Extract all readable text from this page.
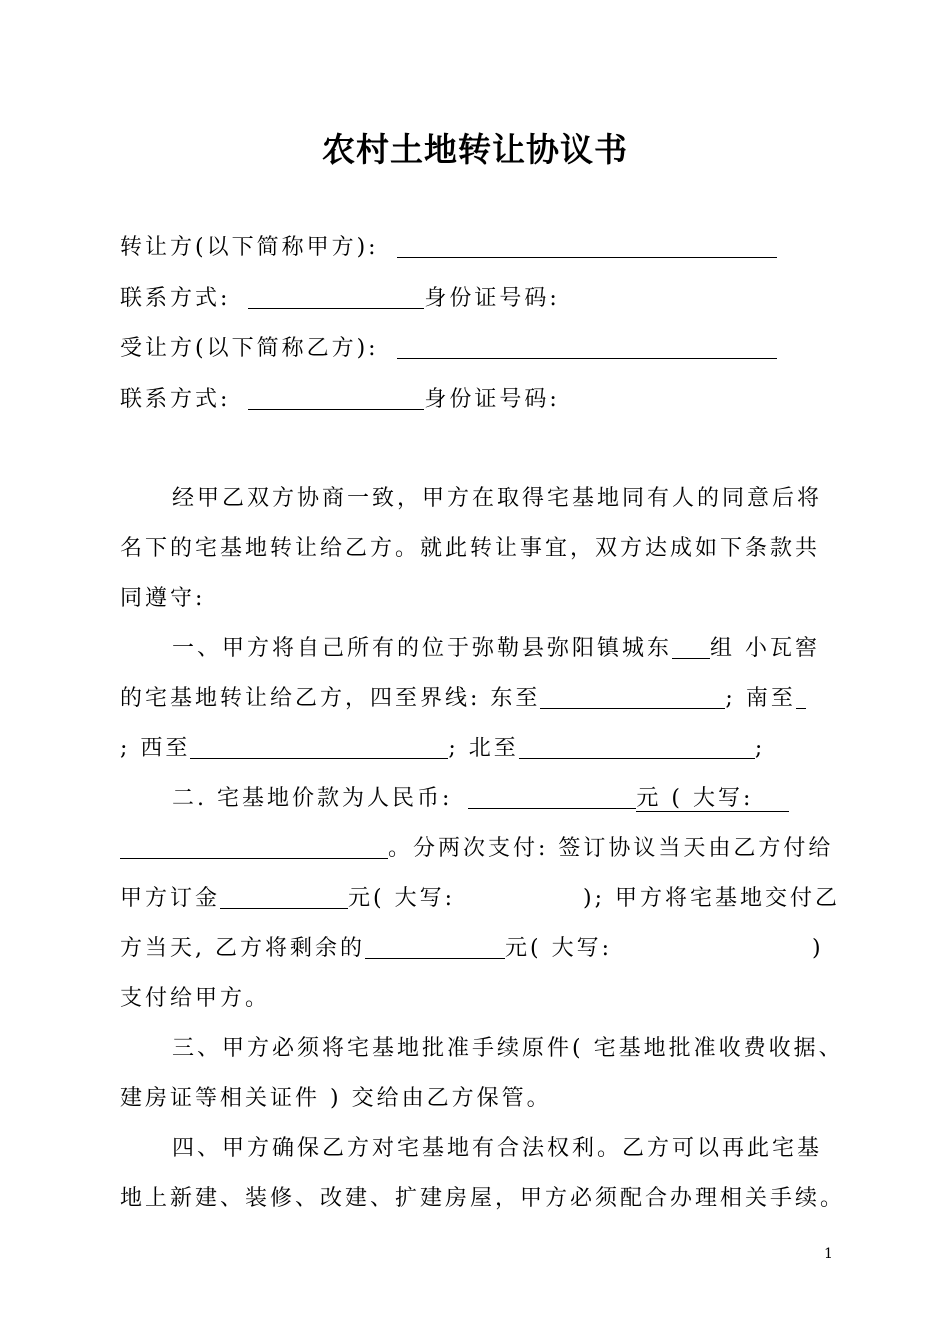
农村土地转让协议书
转让方(以下简称甲方):
联系方式:	身份证号码:
受让方(以下简称乙方):
联系方式:	身份证号码:
经甲乙双方协商一致，甲方在取得宅基地同有人的同意后将
名下的宅基地转让给乙方。就此转让事宜，双方达成如下条款共
同遵守:
一、甲方将自己所有的位于弥勒县弥阳镇城东 组 小瓦窖
的宅基地转让给乙方，四至界线: 东至	; 南至
; 西至	; 北至	;
二. 宅基地价款为人民币:	元 ( 大写:
。分两次支付: 签订协议当天由乙方付给
甲方订金	元( 大写:	); 甲方将宅基地交付乙
方当天, 乙方将剩余的	元( 大写:	)
支付给甲方。
三、甲方必须将宅基地批准手续原件( 宅基地批准收费收据、
建房证等相关证件 ) 交给由乙方保管。
四、甲方确保乙方对宅基地有合法权利。乙方可以再此宅基
地上新建、装修、改建、扩建房屋，甲方必须配合办理相关手续。
1
